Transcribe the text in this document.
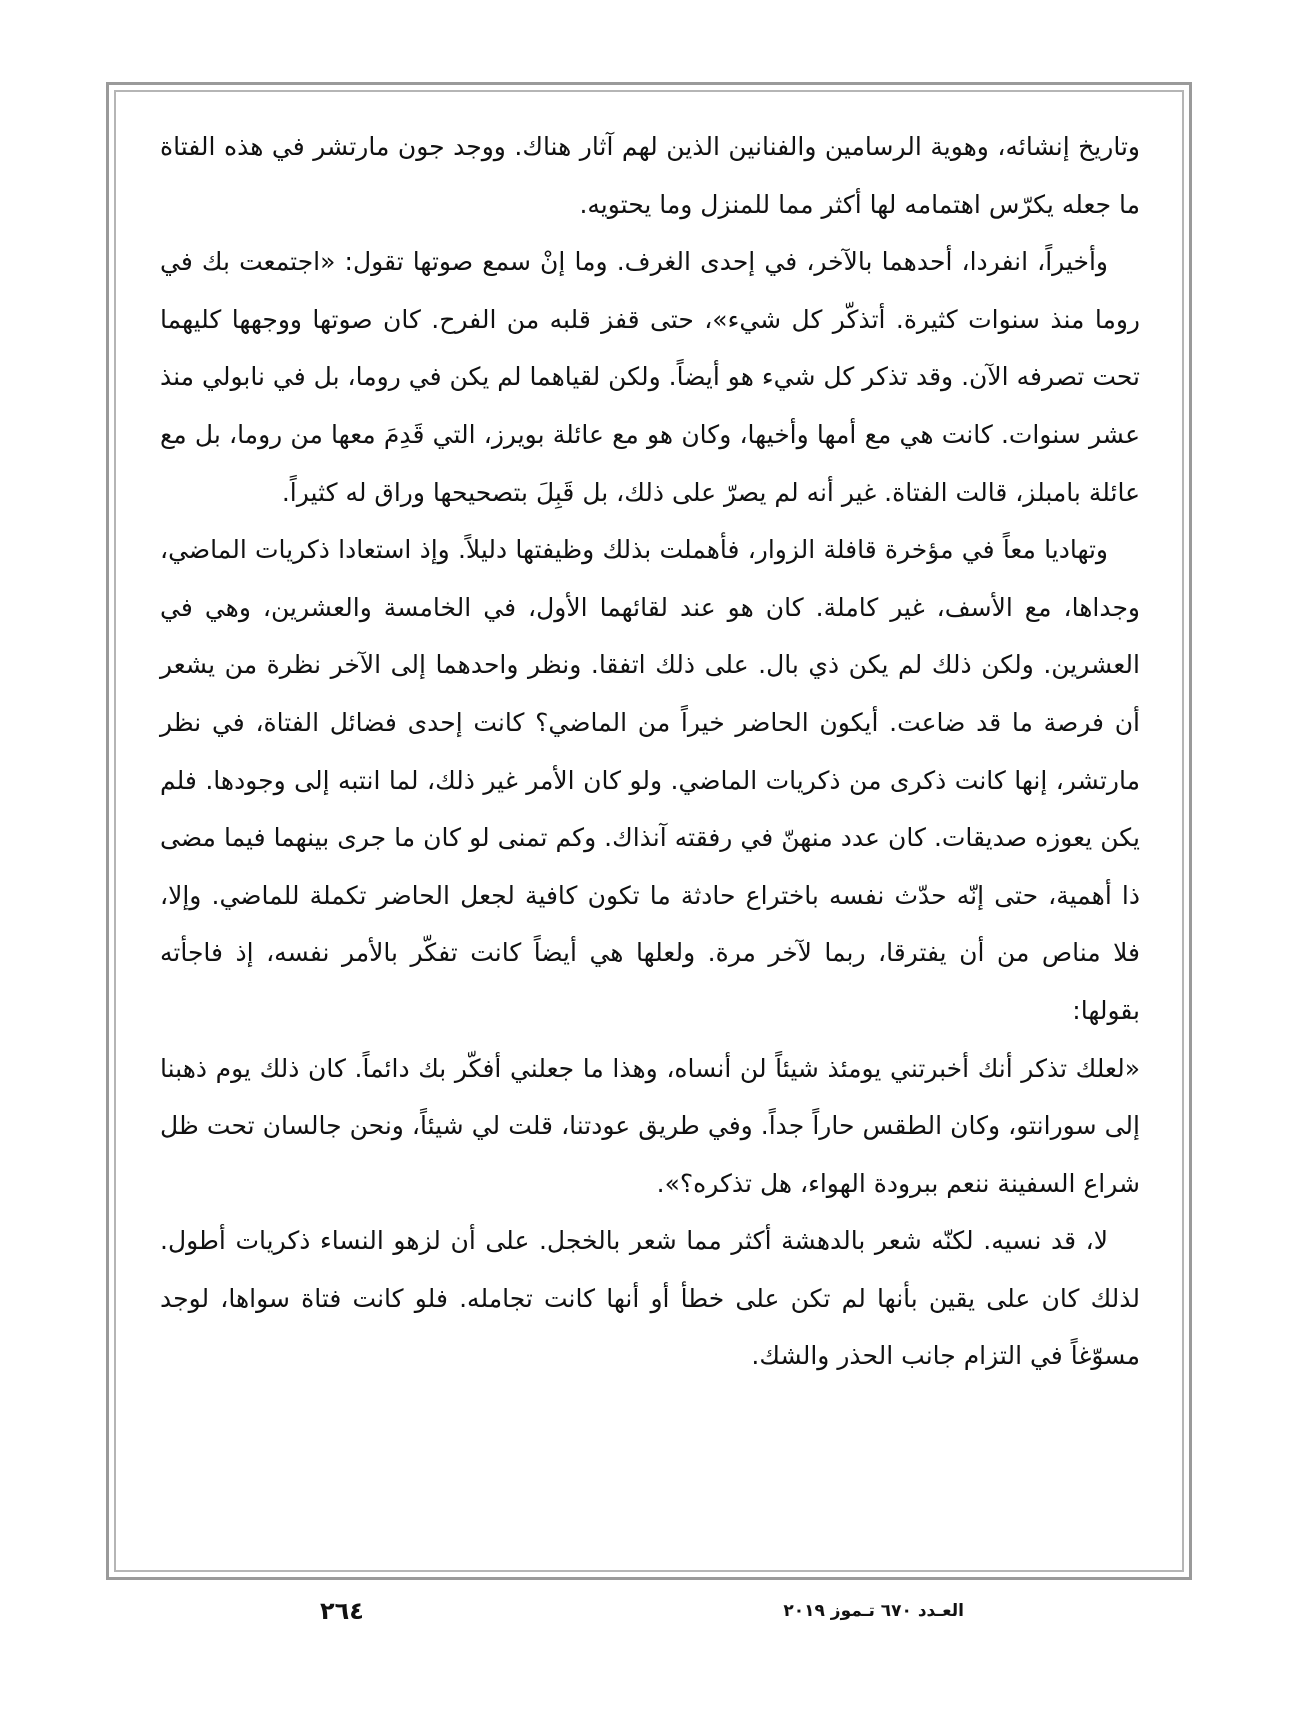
وتاريخ إنشائه، وهوية الرسامين والفنانين الذين لهم آثار هناك. ووجد جون مارتشر في هذه الفتاة ما جعله يكرّس اهتمامه لها أكثر مما للمنزل وما يحتويه.

وأخيراً، انفردا، أحدهما بالآخر، في إحدى الغرف. وما إنْ سمع صوتها تقول: «اجتمعت بك في روما منذ سنوات كثيرة. أتذكّر كل شيء»، حتى قفز قلبه من الفرح. كان صوتها ووجهها كليهما تحت تصرفه الآن. وقد تذكر كل شيء هو أيضاً. ولكن لقياهما لم يكن في روما، بل في نابولي منذ عشر سنوات. كانت هي مع أمها وأخيها، وكان هو مع عائلة بويرز، التي قَدِمَ معها من روما، بل مع عائلة بامبلز، قالت الفتاة. غير أنه لم يصرّ على ذلك، بل قَبِلَ بتصحيحها وراق له كثيراً.

وتهاديا معاً في مؤخرة قافلة الزوار، فأهملت بذلك وظيفتها دليلاً. وإذ استعادا ذكريات الماضي، وجداها، مع الأسف، غير كاملة. كان هو عند لقائهما الأول، في الخامسة والعشرين، وهي في العشرين. ولكن ذلك لم يكن ذي بال. على ذلك اتفقا. ونظر واحدهما إلى الآخر نظرة من يشعر أن فرصة ما قد ضاعت. أيكون الحاضر خيراً من الماضي؟ كانت إحدى فضائل الفتاة، في نظر مارتشر، إنها كانت ذكرى من ذكريات الماضي. ولو كان الأمر غير ذلك، لما انتبه إلى وجودها. فلم يكن يعوزه صديقات. كان عدد منهنّ في رفقته آنذاك. وكم تمنى لو كان ما جرى بينهما فيما مضى ذا أهمية، حتى إنّه حدّث نفسه باختراع حادثة ما تكون كافية لجعل الحاضر تكملة للماضي. وإلا، فلا مناص من أن يفترقا، ربما لآخر مرة. ولعلها هي أيضاً كانت تفكّر بالأمر نفسه، إذ فاجأته بقولها:

«لعلك تذكر أنك أخبرتني يومئذ شيئاً لن أنساه، وهذا ما جعلني أفكّر بك دائماً. كان ذلك يوم ذهبنا إلى سورانتو، وكان الطقس حاراً جداً. وفي طريق عودتنا، قلت لي شيئاً، ونحن جالسان تحت ظل شراع السفينة ننعم ببرودة الهواء، هل تذكره؟».

لا، قد نسيه. لكنّه شعر بالدهشة أكثر مما شعر بالخجل. على أن لزهو النساء ذكريات أطول. لذلك كان على يقين بأنها لم تكن على خطأ أو أنها كانت تجامله. فلو كانت فتاة سواها، لوجد مسوّغاً في التزام جانب الحذر والشك.

٢٦٤	العـدد ٦٧٠ تـموز ٢٠١٩
